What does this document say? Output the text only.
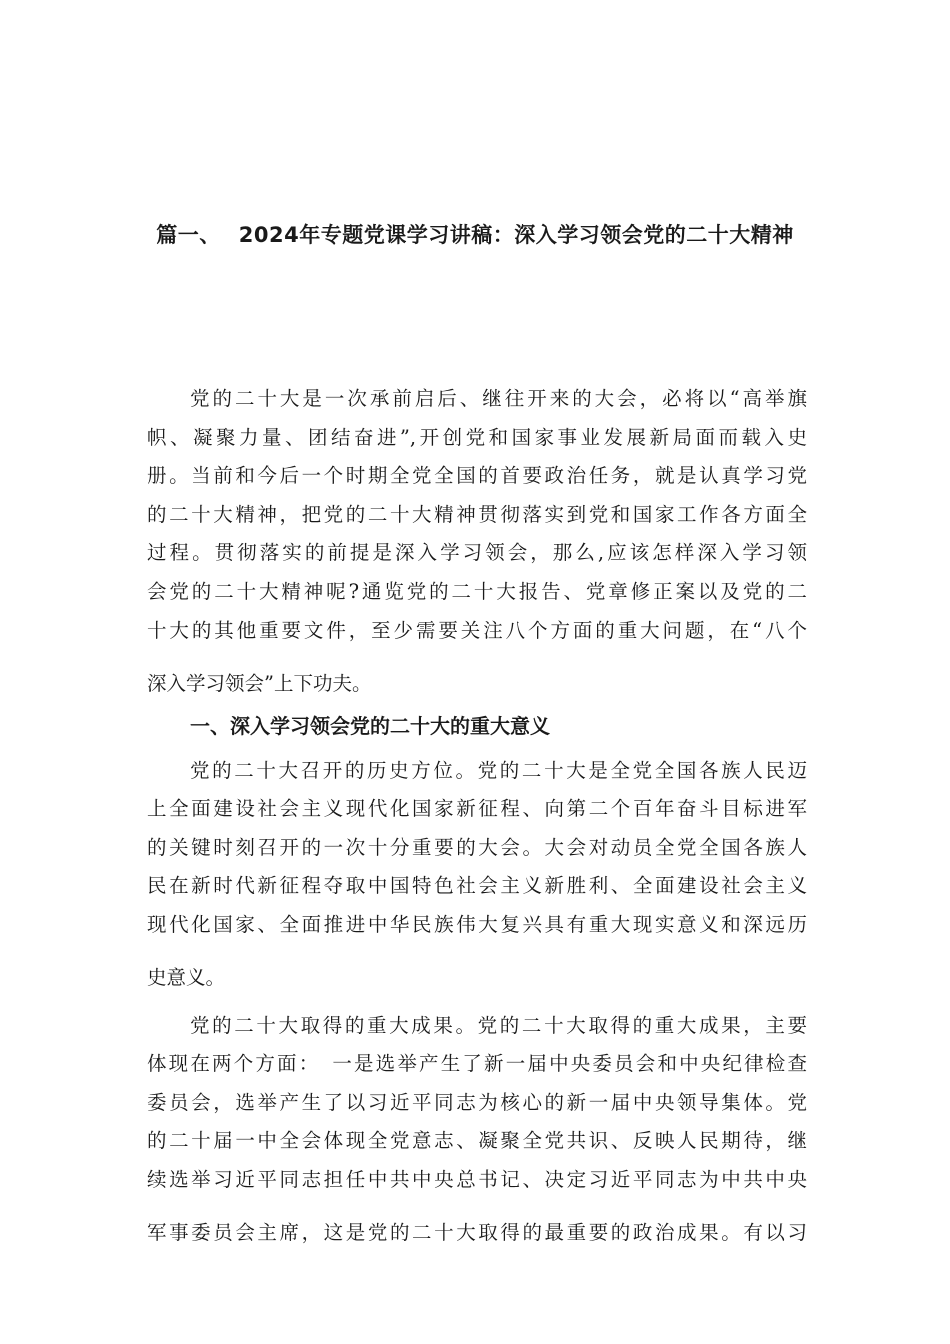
篇一、 2024年专题党课学习讲稿：深入学习领会党的二十大精神
党的二十大是一次承前启后、继往开来的大会，必将以“高举旗
帜、凝聚力量、团结奋进”,开创党和国家事业发展新局面而载入史
册。当前和今后一个时期全党全国的首要政治任务，就是认真学习党
的二十大精神，把党的二十大精神贯彻落实到党和国家工作各方面全
过程。贯彻落实的前提是深入学习领会，那么,应该怎样深入学习领
会党的二十大精神呢?通览党的二十大报告、党章修正案以及党的二
十大的其他重要文件，至少需要关注八个方面的重大问题，在“八个
深入学习领会”上下功夫。
一、深入学习领会党的二十大的重大意义
党的二十大召开的历史方位。党的二十大是全党全国各族人民迈
上全面建设社会主义现代化国家新征程、向第二个百年奋斗目标进军
的关键时刻召开的一次十分重要的大会。大会对动员全党全国各族人
民在新时代新征程夺取中国特色社会主义新胜利、全面建设社会主义
现代化国家、全面推进中华民族伟大复兴具有重大现实意义和深远历
史意义。
党的二十大取得的重大成果。党的二十大取得的重大成果，主要
体现在两个方面：　一是选举产生了新一届中央委员会和中央纪律检查
委员会，选举产生了以习近平同志为核心的新一届中央领导集体。党
的二十届一中全会体现全党意志、凝聚全党共识、反映人民期待，继
续选举习近平同志担任中共中央总书记、决定习近平同志为中共中央
军事委员会主席，这是党的二十大取得的最重要的政治成果。有以习
